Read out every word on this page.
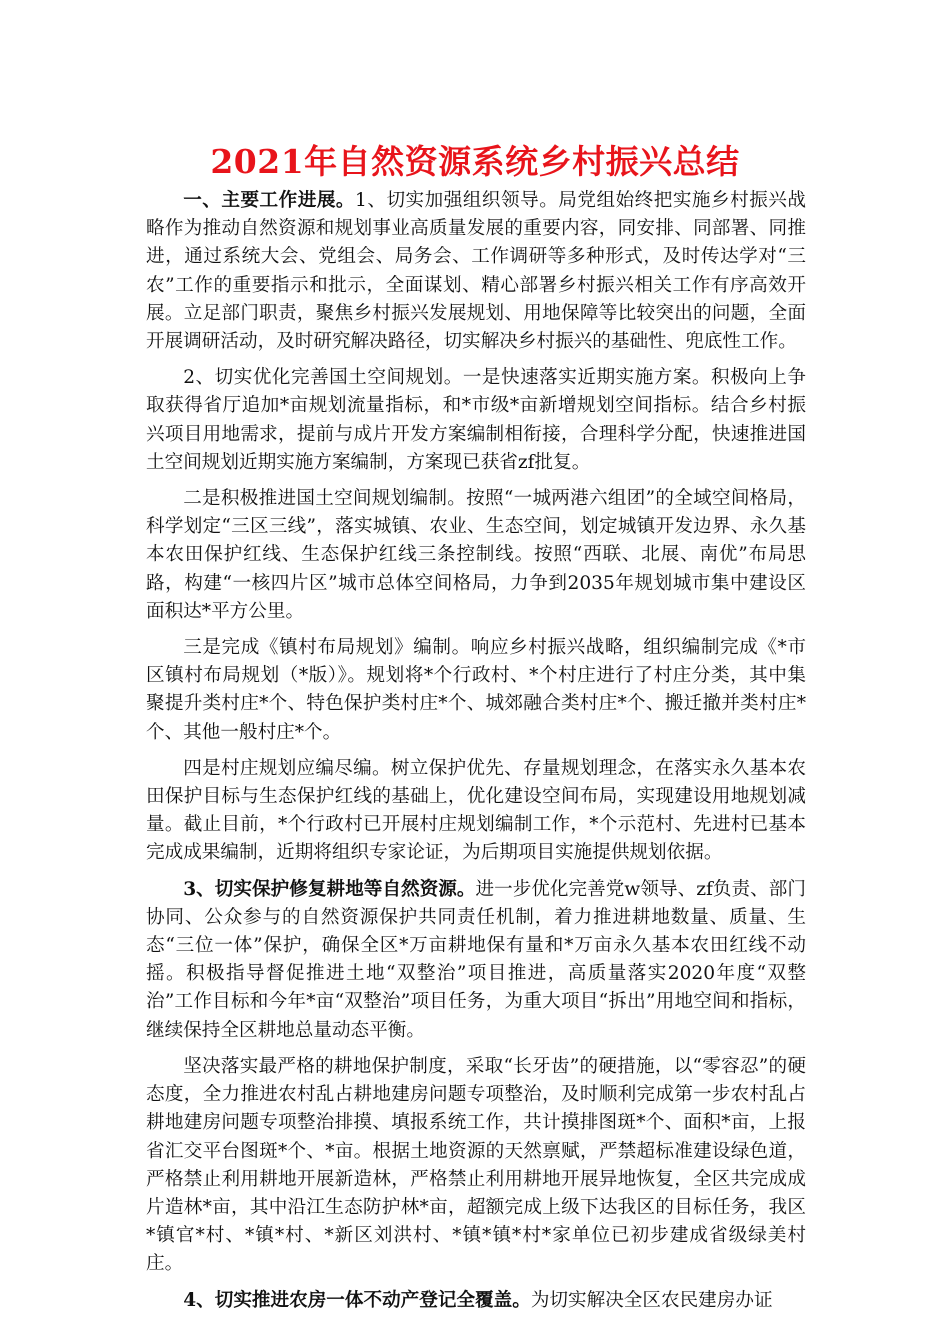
2021年自然资源系统乡村振兴总结

一、主要工作进展。1、切实加强组织领导。局党组始终把实施乡村振兴战略作为推动自然资源和规划事业高质量发展的重要内容，同安排、同部署、同推进，通过系统大会、党组会、局务会、工作调研等多种形式，及时传达学对“三农”工作的重要指示和批示，全面谋划、精心部署乡村振兴相关工作有序高效开展。立足部门职责，聚焦乡村振兴发展规划、用地保障等比较突出的问题，全面开展调研活动，及时研究解决路径，切实解决乡村振兴的基础性、兜底性工作。

2、切实优化完善国土空间规划。一是快速落实近期实施方案。积极向上争取获得省厅追加*亩规划流量指标，和*市级*亩新增规划空间指标。结合乡村振兴项目用地需求，提前与成片开发方案编制相衔接，合理科学分配，快速推进国土空间规划近期实施方案编制，方案现已获省zf批复。

二是积极推进国土空间规划编制。按照“一城两港六组团”的全域空间格局，科学划定“三区三线”，落实城镇、农业、生态空间，划定城镇开发边界、永久基本农田保护红线、生态保护红线三条控制线。按照“西联、北展、南优”布局思路，构建“一核四片区”城市总体空间格局，力争到2035年规划城市集中建设区面积达*平方公里。

三是完成《镇村布局规划》编制。响应乡村振兴战略，组织编制完成《*市区镇村布局规划（*版）》。规划将*个行政村、*个村庄进行了村庄分类，其中集聚提升类村庄*个、特色保护类村庄*个、城郊融合类村庄*个、搬迁撤并类村庄*个、其他一般村庄*个。

四是村庄规划应编尽编。树立保护优先、存量规划理念，在落实永久基本农田保护目标与生态保护红线的基础上，优化建设空间布局，实现建设用地规划减量。截止目前，*个行政村已开展村庄规划编制工作，*个示范村、先进村已基本完成成果编制，近期将组织专家论证，为后期项目实施提供规划依据。

3、切实保护修复耕地等自然资源。进一步优化完善党w领导、zf负责、部门协同、公众参与的自然资源保护共同责任机制，着力推进耕地数量、质量、生态“三位一体”保护，确保全区*万亩耕地保有量和*万亩永久基本农田红线不动摇。积极指导督促推进土地“双整治”项目推进，高质量落实2020年度“双整治”工作目标和今年*亩“双整治”项目任务，为重大项目“拆出”用地空间和指标，继续保持全区耕地总量动态平衡。

坚决落实最严格的耕地保护制度，采取“长牙齿”的硬措施，以“零容忍”的硬态度，全力推进农村乱占耕地建房问题专项整治，及时顺利完成第一步农村乱占耕地建房问题专项整治排摸、填报系统工作，共计摸排图斑*个、面积*亩，上报省汇交平台图斑*个、*亩。根据土地资源的天然禀赋，严禁超标准建设绿色道，严格禁止利用耕地开展新造林，严格禁止利用耕地开展异地恢复，全区共完成成片造林*亩，其中沿江生态防护林*亩，超额完成上级下达我区的目标任务，我区*镇官*村、*镇*村、*新区刘洪村、*镇*镇*村*家单位已初步建成省级绿美村庄。

4、切实推进农房一体不动产登记全覆盖。为切实解决全区农民建房办证
